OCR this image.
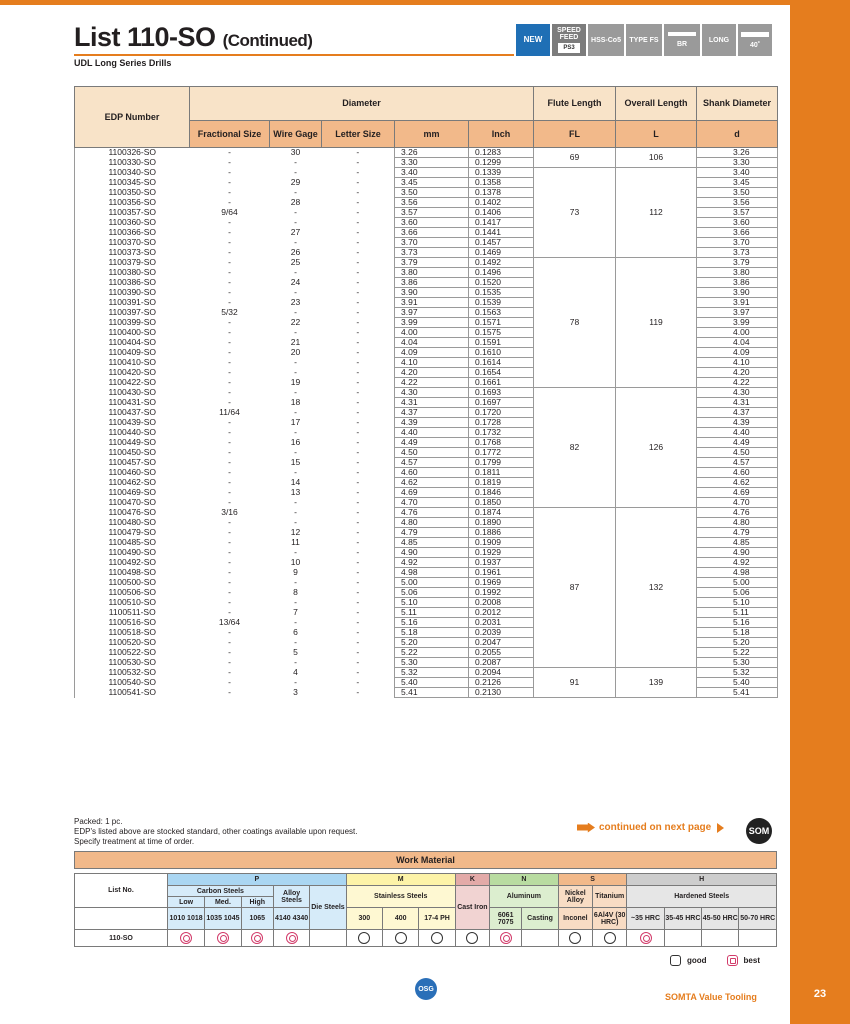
23
List 110-SO (Continued)
UDL Long Series Drills
NEW
SPEED FEED
PS3
HSS-Co5 TYPE FS
BR
LONG
40˚
EDP Number	Diameter					Flute Length	Overall Length	Shank Diameter
	Fractional Size	Wire Gage	Letter Size	mm	Inch	FL	L	d
1100326-SO	-	30	-	3.26	0.1283	69	106	3.26
1100330-SO	-	-	-	3.30	0.1299			3.30
1100340-SO	-	-	-	3.40	0.1339	73	112	3.40
1100345-SO	-	29	-	3.45	0.1358			3.45
1100350-SO	-	-	-	3.50	0.1378			3.50
1100356-SO	-	28	-	3.56	0.1402			3.56
1100357-SO	9/64	-	-	3.57	0.1406			3.57
1100360-SO	-	-	-	3.60	0.1417			3.60
1100366-SO	-	27	-	3.66	0.1441			3.66
1100370-SO	-	-	-	3.70	0.1457			3.70
1100373-SO	-	26	-	3.73	0.1469			3.73
1100379-SO	-	25	-	3.79	0.1492	78	119	3.79
1100380-SO	-	-	-	3.80	0.1496			3.80
1100386-SO	-	24	-	3.86	0.1520			3.86
1100390-SO	-	-	-	3.90	0.1535			3.90
1100391-SO	-	23	-	3.91	0.1539			3.91
1100397-SO	5/32	-	-	3.97	0.1563			3.97
1100399-SO	-	22	-	3.99	0.1571			3.99
1100400-SO	-	-	-	4.00	0.1575			4.00
1100404-SO	-	21	-	4.04	0.1591			4.04
1100409-SO	-	20	-	4.09	0.1610			4.09
1100410-SO	-	-	-	4.10	0.1614			4.10
1100420-SO	-	-	-	4.20	0.1654			4.20
1100422-SO	-	19	-	4.22	0.1661			4.22
1100430-SO	-	-	-	4.30	0.1693	82	126	4.30
1100431-SO	-	18	-	4.31	0.1697			4.31
1100437-SO	11/64	-	-	4.37	0.1720			4.37
1100439-SO	-	17	-	4.39	0.1728			4.39
1100440-SO	-	-	-	4.40	0.1732			4.40
1100449-SO	-	16	-	4.49	0.1768			4.49
1100450-SO	-	-	-	4.50	0.1772			4.50
1100457-SO	-	15	-	4.57	0.1799			4.57
1100460-SO	-	-	-	4.60	0.1811			4.60
1100462-SO	-	14	-	4.62	0.1819			4.62
1100469-SO	-	13	-	4.69	0.1846			4.69
1100470-SO	-	-	-	4.70	0.1850			4.70
1100476-SO	3/16	-	-	4.76	0.1874	87	132	4.76
1100480-SO	-	-	-	4.80	0.1890			4.80
1100479-SO	-	12	-	4.79	0.1886			4.79
1100485-SO	-	11	-	4.85	0.1909			4.85
1100490-SO	-	-	-	4.90	0.1929			4.90
1100492-SO	-	10	-	4.92	0.1937			4.92
1100498-SO	-	9	-	4.98	0.1961			4.98
1100500-SO	-	-	-	5.00	0.1969			5.00
1100506-SO	-	8	-	5.06	0.1992			5.06
1100510-SO	-	-	-	5.10	0.2008			5.10
1100511-SO	-	7	-	5.11	0.2012			5.11
1100516-SO	13/64	-	-	5.16	0.2031			5.16
1100518-SO	-	6	-	5.18	0.2039			5.18
1100520-SO	-	-	-	5.20	0.2047			5.20
1100522-SO	-	5	-	5.22	0.2055			5.22
1100530-SO	-	-	-	5.30	0.2087			5.30
1100532-SO	-	4	-	5.32	0.2094	91	139	5.32
1100540-SO	-	-	-	5.40	0.2126			5.40
1100541-SO	-	3	-	5.41	0.2130			5.41
Packed: 1 pc.
EDP's listed above are stocked standard, other coatings available upon request.
Specify treatment at time of order.
continued on next page	SOM
Work Material
List No.	P					M			K	N		S		H			
	Carbon Steels			Alloy Steels	Die Steels	Stainless Steels			Cast Iron	Aluminum		Nickel Alloy	Titanium	Hardened Steels			
	Low	Med.	High														
	1010 1018	1035 1045	1065	4140 4340		300	400	17-4 PH		6061 7075	Casting	Inconel	6Al4V (30 HRC)	~35 HRC	35-45 HRC	45-50 HRC	50-70 HRC
110-SO																	
good	best
OSG
SOMTA Value Tooling
